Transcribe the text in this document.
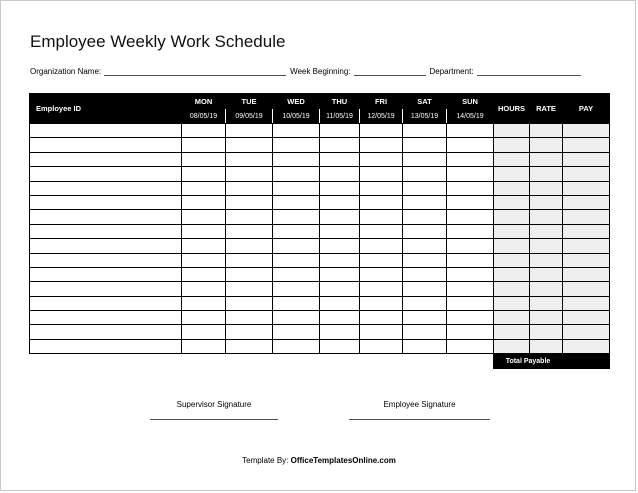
Employee Weekly Work Schedule
Organization Name:	Week Beginning:	Department:
Employee ID	MON	TUE	WED	THU	FRI	SAT	SUN	HOURS	RATE	PAY
	08/05/19	09/05/19	10/05/19	11/05/19	12/05/19	13/05/19	14/05/19			

								Total Payable		
Supervisor Signature	Employee Signature
Template By: OfficeTemplatesOnline.com
